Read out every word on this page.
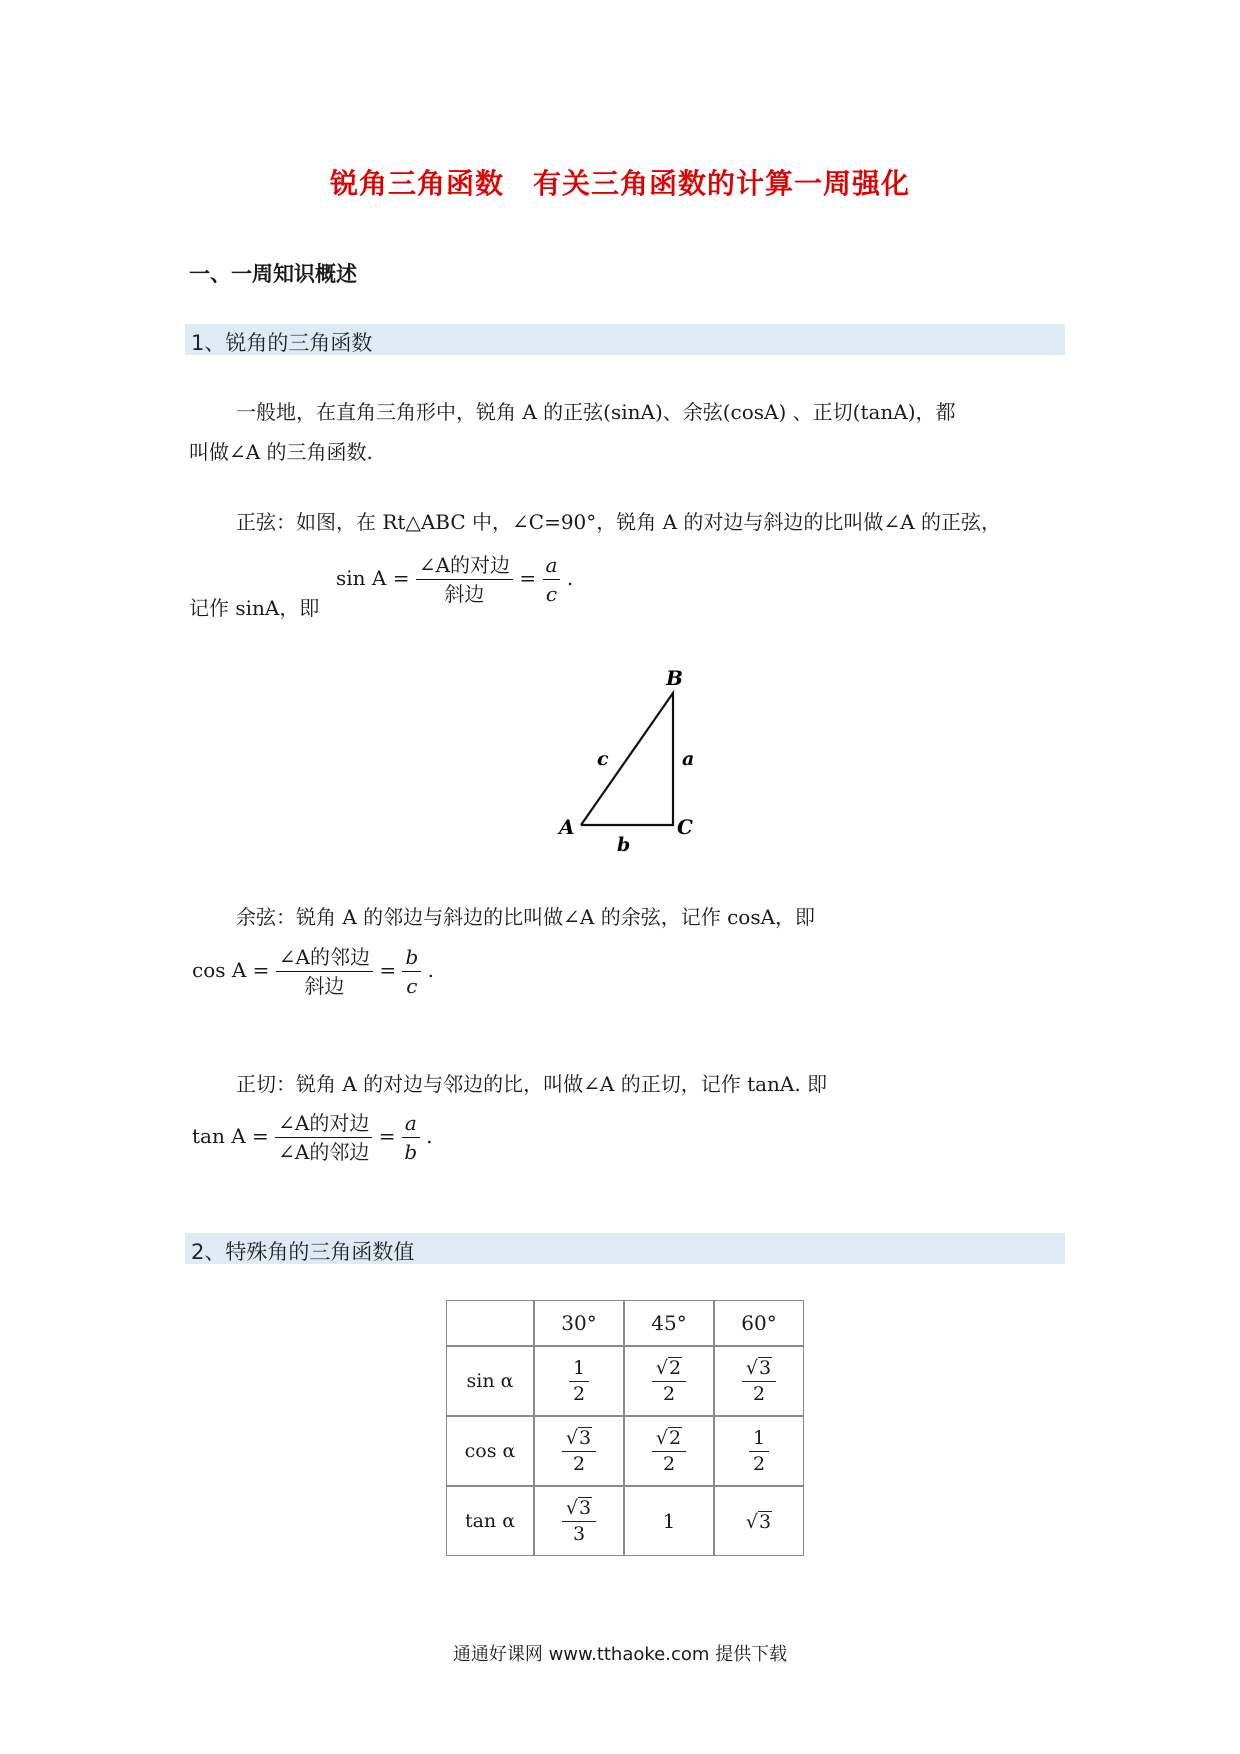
锐角三角函数　有关三角函数的计算一周强化
一、一周知识概述
1、锐角的三角函数
一般地，在直角三角形中，锐角 A 的正弦(sinA)、余弦(cosA) 、正切(tanA)，都
叫做∠A 的三角函数.
正弦：如图，在 Rt△ABC 中，∠C=90°，锐角 A 的对边与斜边的比叫做∠A 的正弦，
记作 sinA，即
$\sin A = \frac{\text{∠A的对边}}{\text{斜边}} = \frac{a}{c}$ .
B
A	C
a
b
c
余弦：锐角 A 的邻边与斜边的比叫做∠A 的余弦，记作 cosA，即
$\cos A = \frac{\text{∠A的邻边}}{\text{斜边}} = \frac{b}{c}$ .
正切：锐角 A 的对边与邻边的比，叫做∠A 的正切，记作 tanA. 即
$\tan A = \frac{\text{∠A的对边}}{\text{∠A的邻边}} = \frac{a}{b}$ .
2、特殊角的三角函数值
	30°	45°	60°
sin α	$\frac{1}{2}$	$\frac{√2}{2}$	$\frac{√3}{2}$

cos α	$\frac{√3}{2}$	$\frac{√2}{2}$	$\frac{1}{2}$

tan α	$\frac{√3}{3}$	1	√3
通通好课网 www.tthaoke.com 提供下载
